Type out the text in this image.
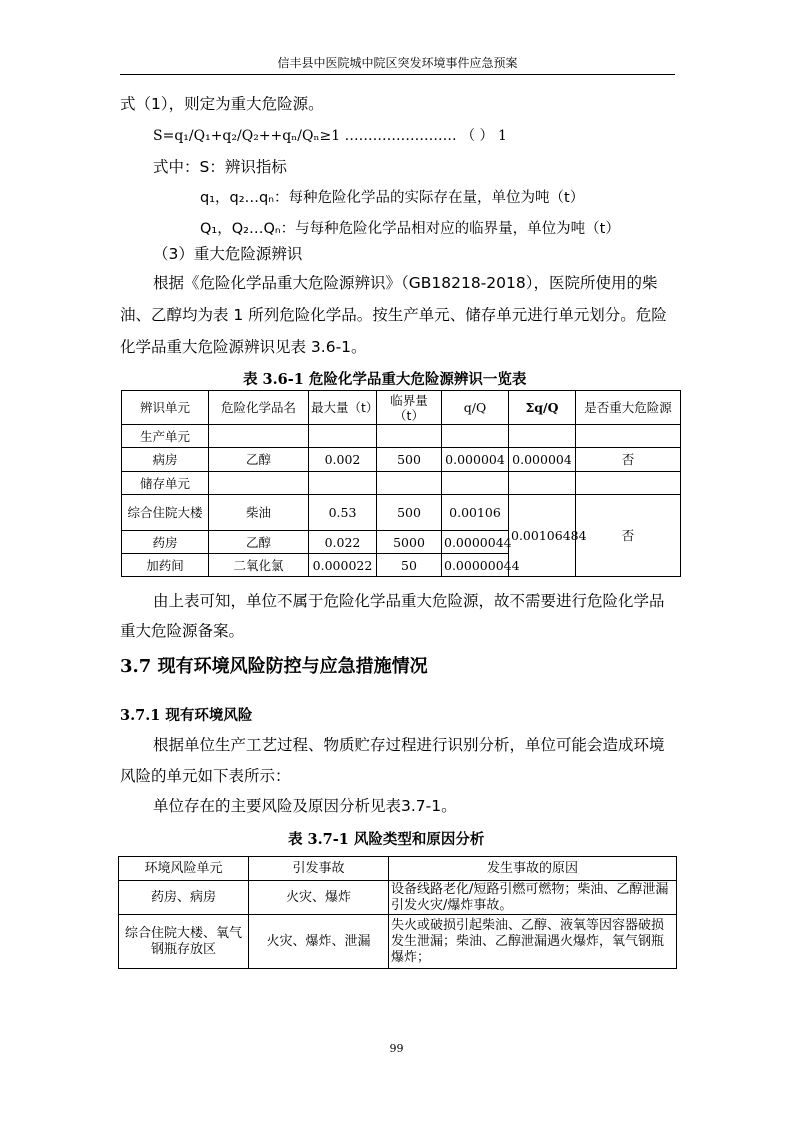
信丰县中医院城中院区突发环境事件应急预案
式（1），则定为重大危险源。
S=q₁/Q₁+q₂/Q₂++qₙ/Qₙ≥1 …………………… （ ） 1
式中：S：辨识指标
q₁，q₂…qₙ：每种危险化学品的实际存在量，单位为吨（t）
Q₁，Q₂…Qₙ：与每种危险化学品相对应的临界量，单位为吨（t）
（3）重大危险源辨识
根据《危险化学品重大危险源辨识》（GB18218-2018），医院所使用的柴
油、乙醇均为表 1 所列危险化学品。按生产单元、储存单元进行单元划分。危险
化学品重大危险源辨识见表 3.6-1。
表 3.6-1 危险化学品重大危险源辨识一览表
辨识单元	危险化学品名	最大量（t）	临界量（t）	q/Q	Σq/Q	是否重大危险源
生产单元						
病房	乙醇	0.002	500	0.000004	0.000004	否
储存单元						
综合住院大楼	柴油	0.53	500	0.00106	0.00106484	否
药房	乙醇	0.022	5000	0.0000044		
加药间	二氧化氯	0.000022	50	0.00000044		
由上表可知，单位不属于危险化学品重大危险源，故不需要进行危险化学品
重大危险源备案。
3.7 现有环境风险防控与应急措施情况
3.7.1 现有环境风险
根据单位生产工艺过程、物质贮存过程进行识别分析，单位可能会造成环境
风险的单元如下表所示：
单位存在的主要风险及原因分析见表3.7-1。
表 3.7-1 风险类型和原因分析
环境风险单元	引发事故	发生事故的原因
药房、病房	火灾、爆炸	设备线路老化/短路引燃可燃物；柴油、乙醇泄漏引发火灾/爆炸事故。
综合住院大楼、氧气钢瓶存放区	火灾、爆炸、泄漏	失火或破损引起柴油、乙醇、液氧等因容器破损发生泄漏；柴油、乙醇泄漏遇火爆炸，氧气钢瓶爆炸；
99
